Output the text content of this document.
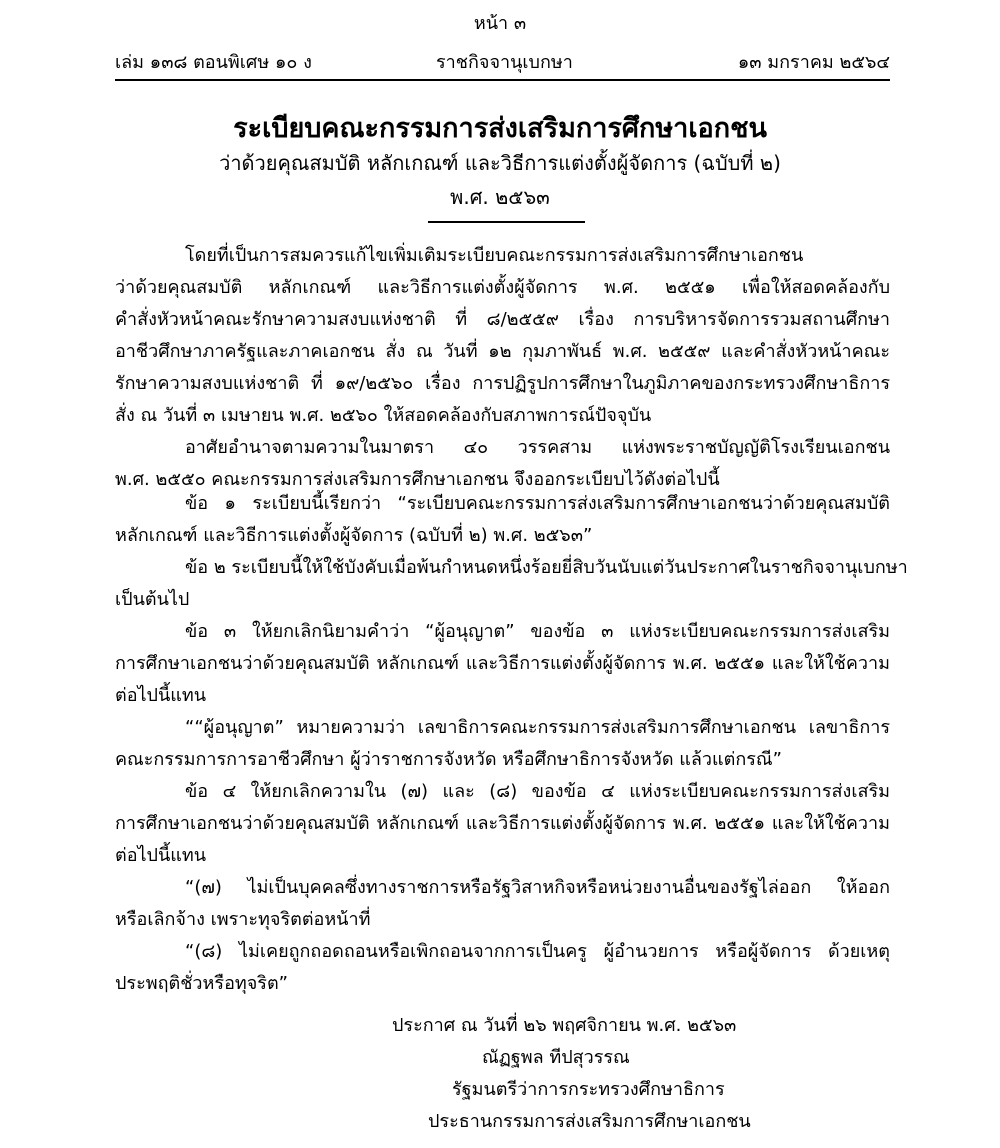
หน้า ๓
เล่ม ๑๓๘ ตอนพิเศษ ๑๐ ง	ราชกิจจานุเบกษา	๑๓ มกราคม ๒๕๖๔
ระเบียบคณะกรรมการส่งเสริมการศึกษาเอกชน
ว่าด้วยคุณสมบัติ หลักเกณฑ์ และวิธีการแต่งตั้งผู้จัดการ (ฉบับที่ ๒)
พ.ศ. ๒๕๖๓
โดยที่เป็นการสมควรแก้ไขเพิ่มเติมระเบียบคณะกรรมการส่งเสริมการศึกษาเอกชน
ว่าด้วยคุณสมบัติ หลักเกณฑ์ และวิธีการแต่งตั้งผู้จัดการ พ.ศ. ๒๕๕๑ เพื่อให้สอดคล้องกับ
คำสั่งหัวหน้าคณะรักษาความสงบแห่งชาติ ที่ ๘/๒๕๕๙ เรื่อง การบริหารจัดการรวมสถานศึกษา
อาชีวศึกษาภาครัฐและภาคเอกชน สั่ง ณ วันที่ ๑๒ กุมภาพันธ์ พ.ศ. ๒๕๕๙ และคำสั่งหัวหน้าคณะ
รักษาความสงบแห่งชาติ ที่ ๑๙/๒๕๖๐ เรื่อง การปฏิรูปการศึกษาในภูมิภาคของกระทรวงศึกษาธิการ
สั่ง ณ วันที่ ๓ เมษายน พ.ศ. ๒๕๖๐ ให้สอดคล้องกับสภาพการณ์ปัจจุบัน
อาศัยอำนาจตามความในมาตรา ๔๐ วรรคสาม แห่งพระราชบัญญัติโรงเรียนเอกชน
พ.ศ. ๒๕๕๐ คณะกรรมการส่งเสริมการศึกษาเอกชน จึงออกระเบียบไว้ดังต่อไปนี้
ข้อ ๑ ระเบียบนี้เรียกว่า “ระเบียบคณะกรรมการส่งเสริมการศึกษาเอกชนว่าด้วยคุณสมบัติ
หลักเกณฑ์ และวิธีการแต่งตั้งผู้จัดการ (ฉบับที่ ๒) พ.ศ. ๒๕๖๓”
ข้อ ๒ ระเบียบนี้ให้ใช้บังคับเมื่อพ้นกำหนดหนึ่งร้อยยี่สิบวันนับแต่วันประกาศในราชกิจจานุเบกษา
เป็นต้นไป
ข้อ ๓ ให้ยกเลิกนิยามคำว่า “ผู้อนุญาต” ของข้อ ๓ แห่งระเบียบคณะกรรมการส่งเสริม
การศึกษาเอกชนว่าด้วยคุณสมบัติ หลักเกณฑ์ และวิธีการแต่งตั้งผู้จัดการ พ.ศ. ๒๕๕๑ และให้ใช้ความ
ต่อไปนี้แทน
““ผู้อนุญาต” หมายความว่า เลขาธิการคณะกรรมการส่งเสริมการศึกษาเอกชน เลขาธิการ
คณะกรรมการการอาชีวศึกษา ผู้ว่าราชการจังหวัด หรือศึกษาธิการจังหวัด แล้วแต่กรณี”
ข้อ ๔ ให้ยกเลิกความใน (๗) และ (๘) ของข้อ ๔ แห่งระเบียบคณะกรรมการส่งเสริม
การศึกษาเอกชนว่าด้วยคุณสมบัติ หลักเกณฑ์ และวิธีการแต่งตั้งผู้จัดการ พ.ศ. ๒๕๕๑ และให้ใช้ความ
ต่อไปนี้แทน
“(๗) ไม่เป็นบุคคลซึ่งทางราชการหรือรัฐวิสาหกิจหรือหน่วยงานอื่นของรัฐไล่ออก ให้ออก
หรือเลิกจ้าง เพราะทุจริตต่อหน้าที่
“(๘) ไม่เคยถูกถอดถอนหรือเพิกถอนจากการเป็นครู ผู้อำนวยการ หรือผู้จัดการ ด้วยเหตุ
ประพฤติชั่วหรือทุจริต”
ประกาศ ณ วันที่ ๒๖ พฤศจิกายน พ.ศ. ๒๕๖๓
ณัฏฐพล ทีปสุวรรณ
รัฐมนตรีว่าการกระทรวงศึกษาธิการ
ประธานกรรมการส่งเสริมการศึกษาเอกชน
